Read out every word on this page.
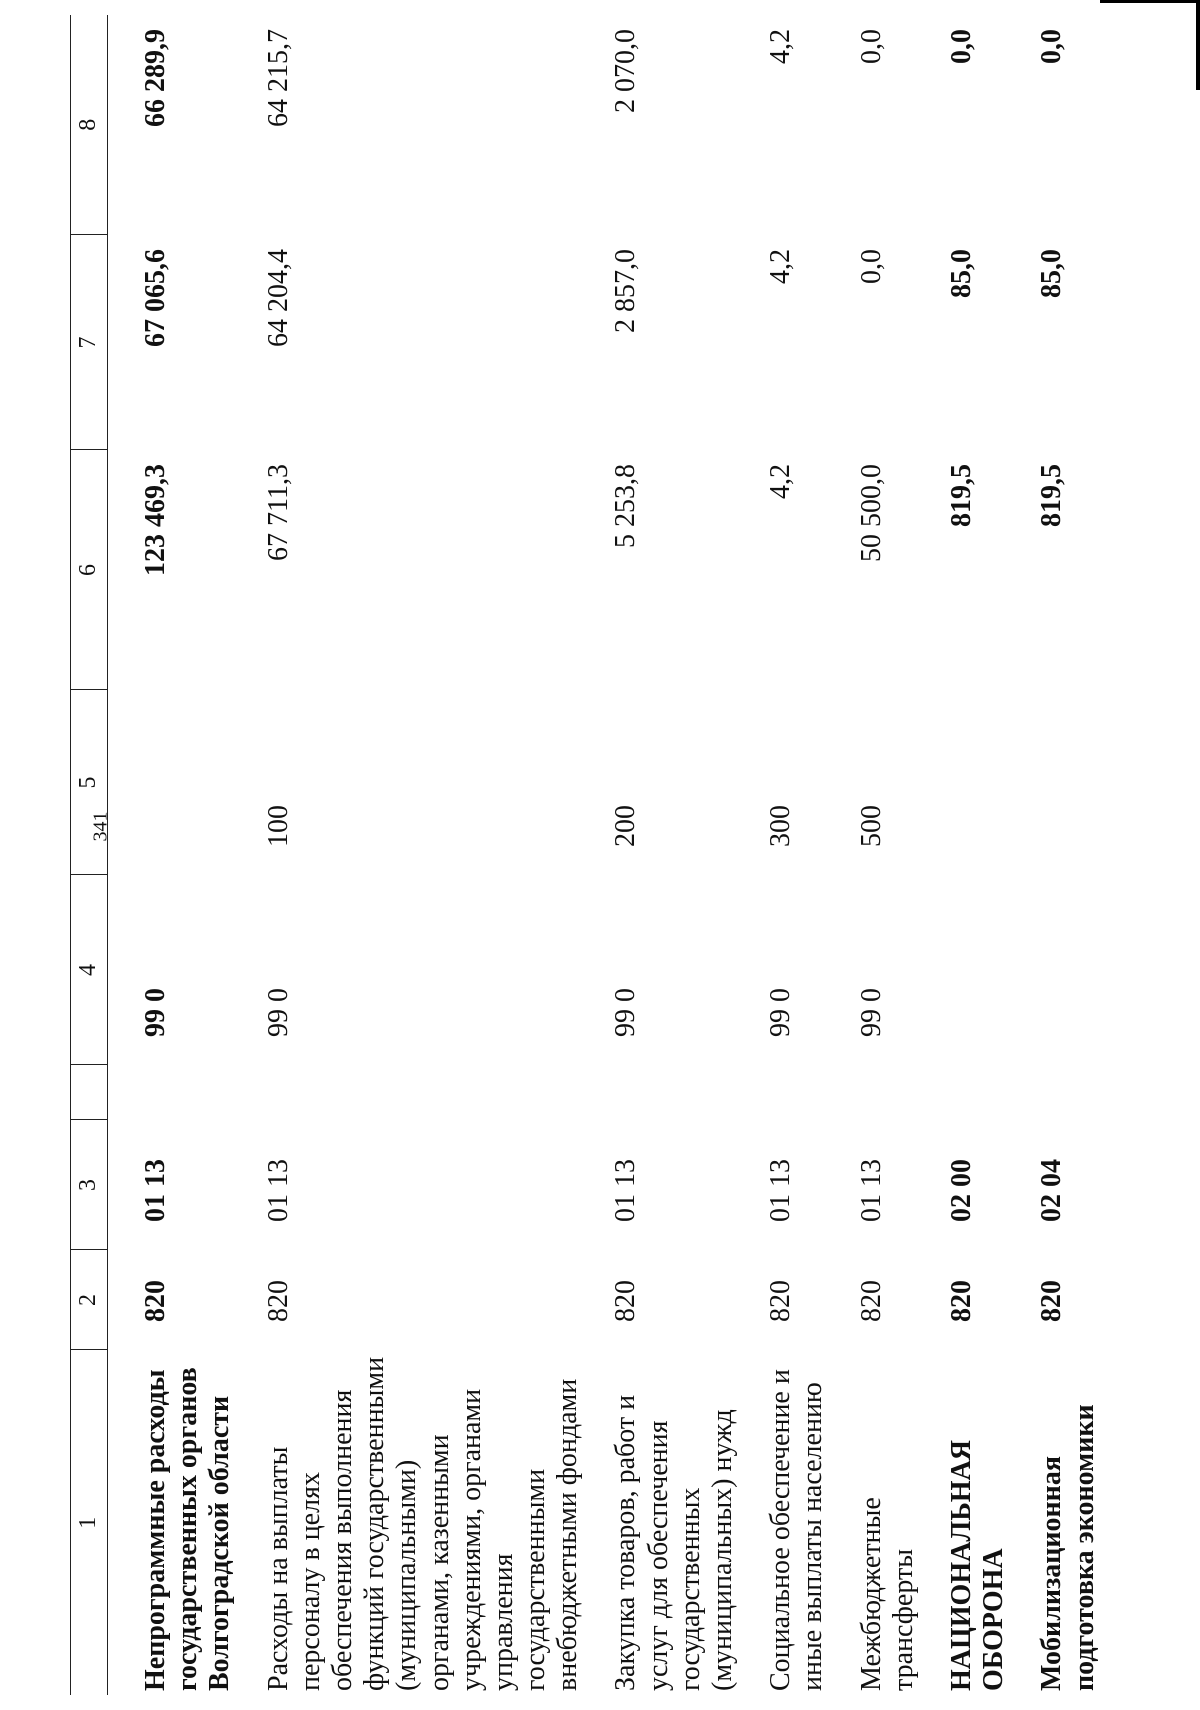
341
1	2	3		4	5	6	7	8
Непрограммные расходы государственных органов Волгоградской области	820	01 13		99 0		123 469,3	67 065,6	66 289,9
Расходы на выплаты персоналу в целях обеспечения выполнения функций государственными (муниципальными) органами, казенными учреждениями, органами управления государственными внебюджетными фондами	820	01 13		99 0	100	67 711,3	64 204,4	64 215,7
Закупка товаров, работ и услуг для обеспечения государственных (муниципальных) нужд	820	01 13		99 0	200	5 253,8	2 857,0	2 070,0
Социальное обеспечение и иные выплаты населению	820	01 13		99 0	300	4,2	4,2	4,2
Межбюджетные трансферты	820	01 13		99 0	500	50 500,0	0,0	0,0
НАЦИОНАЛЬНАЯ ОБОРОНА	820	02 00				819,5	85,0	0,0
Мобилизационная подготовка экономики	820	02 04				819,5	85,0	0,0
